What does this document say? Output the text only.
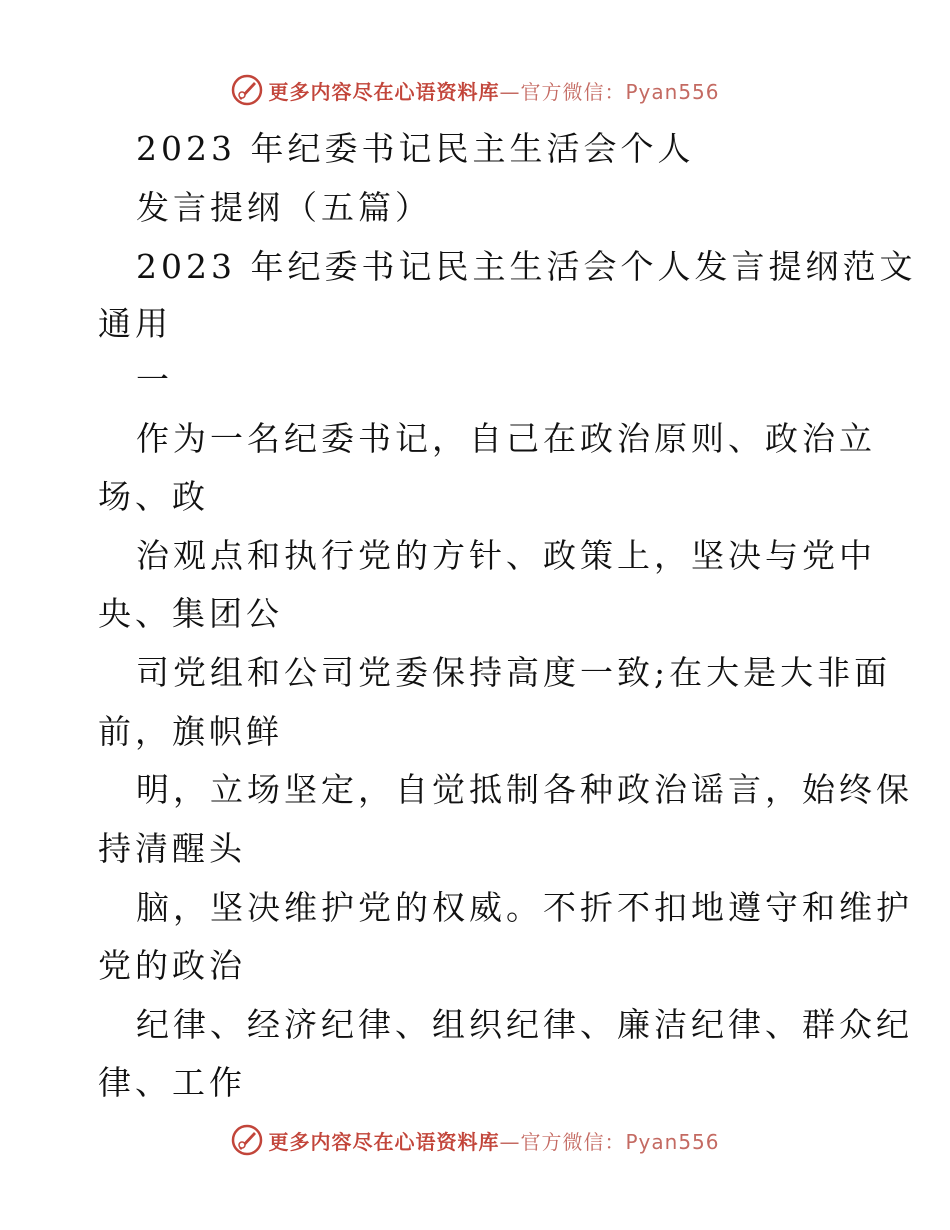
更多内容尽在心语资料库—官方微信：Pyan556
2023 年纪委书记民主生活会个人
发言提纲（五篇）
2023 年纪委书记民主生活会个人发言提纲范文
通用
一
作为一名纪委书记，自己在政治原则、政治立
场、政
治观点和执行党的方针、政策上，坚决与党中
央、集团公
司党组和公司党委保持高度一致;在大是大非面
前，旗帜鲜
明，立场坚定，自觉抵制各种政治谣言，始终保
持清醒头
脑，坚决维护党的权威。不折不扣地遵守和维护
党的政治
纪律、经济纪律、组织纪律、廉洁纪律、群众纪
律、工作
更多内容尽在心语资料库—官方微信：Pyan556
